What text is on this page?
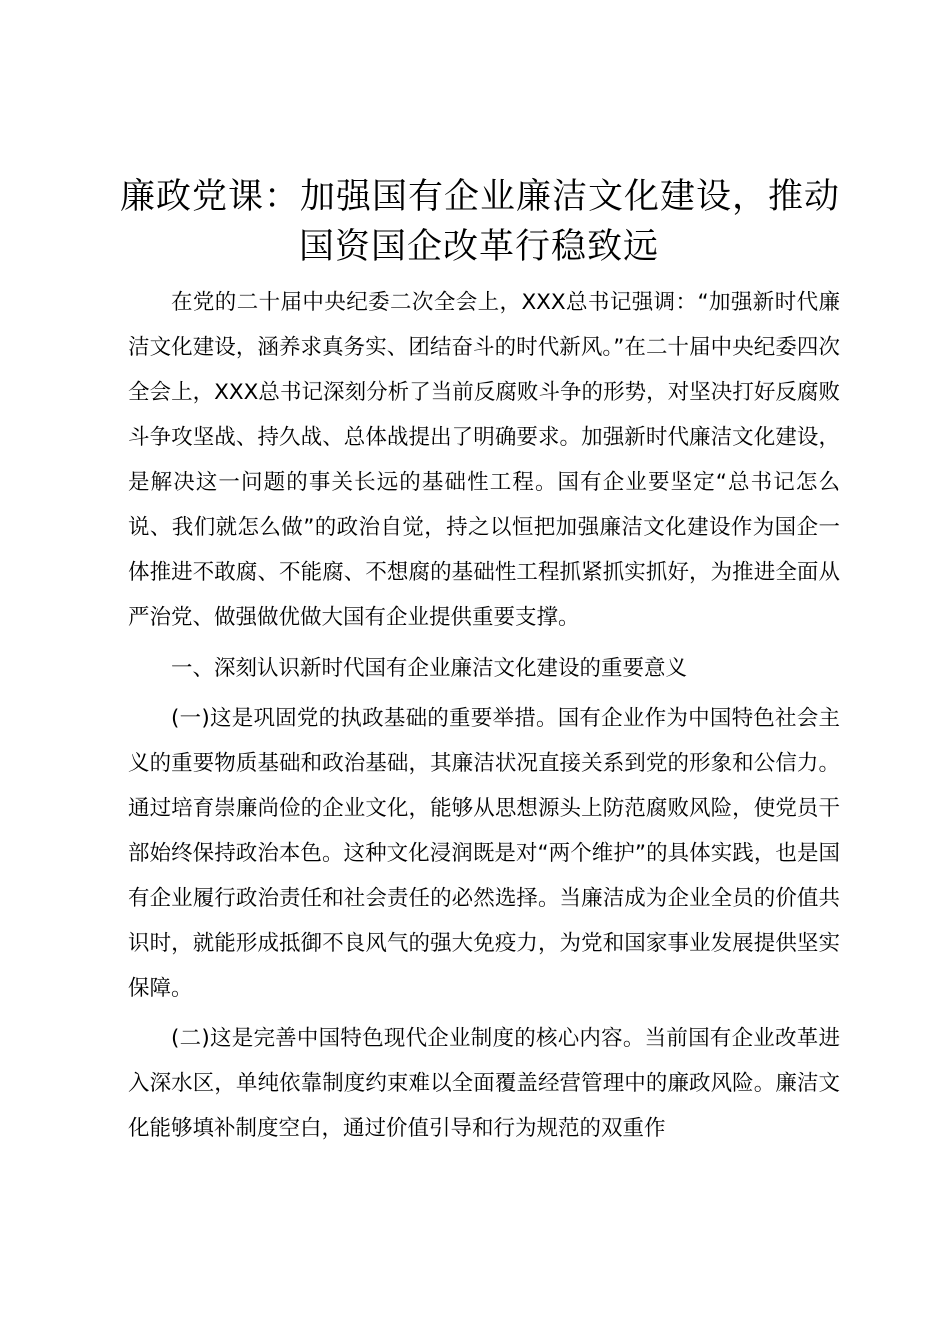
廉政党课：加强国有企业廉洁文化建设，推动
国资国企改革行稳致远

在党的二十届中央纪委二次全会上，XXX总书记强调：“加强新时代廉洁文化建设，涵养求真务实、团结奋斗的时代新风。”在二十届中央纪委四次全会上，XXX总书记深刻分析了当前反腐败斗争的形势，对坚决打好反腐败斗争攻坚战、持久战、总体战提出了明确要求。加强新时代廉洁文化建设，是解决这一问题的事关长远的基础性工程。国有企业要坚定“总书记怎么说、我们就怎么做”的政治自觉，持之以恒把加强廉洁文化建设作为国企一体推进不敢腐、不能腐、不想腐的基础性工程抓紧抓实抓好，为推进全面从严治党、做强做优做大国有企业提供重要支撑。

一、深刻认识新时代国有企业廉洁文化建设的重要意义

(一)这是巩固党的执政基础的重要举措。国有企业作为中国特色社会主义的重要物质基础和政治基础，其廉洁状况直接关系到党的形象和公信力。通过培育崇廉尚俭的企业文化，能够从思想源头上防范腐败风险，使党员干部始终保持政治本色。这种文化浸润既是对“两个维护”的具体实践，也是国有企业履行政治责任和社会责任的必然选择。当廉洁成为企业全员的价值共识时，就能形成抵御不良风气的强大免疫力，为党和国家事业发展提供坚实保障。

(二)这是完善中国特色现代企业制度的核心内容。当前国有企业改革进入深水区，单纯依靠制度约束难以全面覆盖经营管理中的廉政风险。廉洁文化能够填补制度空白，通过价值引导和行为规范的双重作
